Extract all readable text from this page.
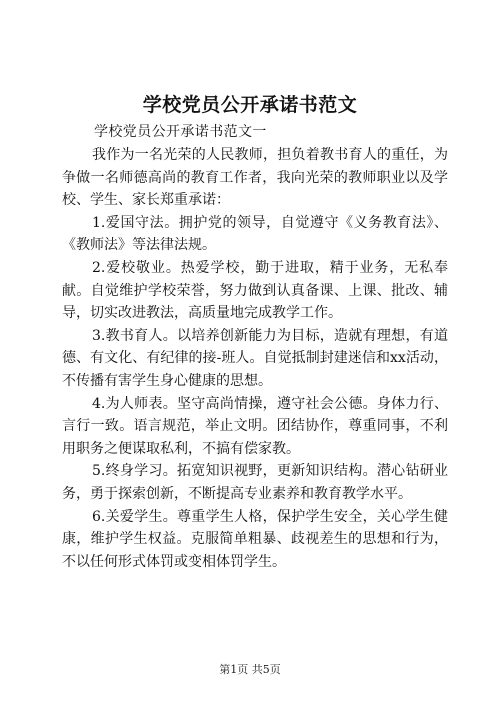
学校党员公开承诺书范文
学校党员公开承诺书范文一

我作为一名光荣的人民教师，担负着教书育人的重任，为争做一名师德高尚的教育工作者，我向光荣的教师职业以及学校、学生、家长郑重承诺：

1.爱国守法。拥护党的领导，自觉遵守《义务教育法》、《教师法》等法律法规。

2.爱校敬业。热爱学校，勤于进取，精于业务，无私奉献。自觉维护学校荣誉，努力做到认真备课、上课、批改、辅导，切实改进教法，高质量地完成教学工作。

3.教书育人。以培养创新能力为目标，造就有理想，有道德、有文化、有纪律的接-班人。自觉抵制封建迷信和xx活动，不传播有害学生身心健康的思想。

4.为人师表。坚守高尚情操，遵守社会公德。身体力行、言行一致。语言规范，举止文明。团结协作，尊重同事，不利用职务之便谋取私利，不搞有偿家教。

5.终身学习。拓宽知识视野，更新知识结构。潜心钻研业务，勇于探索创新，不断提高专业素养和教育教学水平。

6.关爱学生。尊重学生人格，保护学生安全，关心学生健康，维护学生权益。克服简单粗暴、歧视差生的思想和行为，不以任何形式体罚或变相体罚学生。

第1页 共5页
